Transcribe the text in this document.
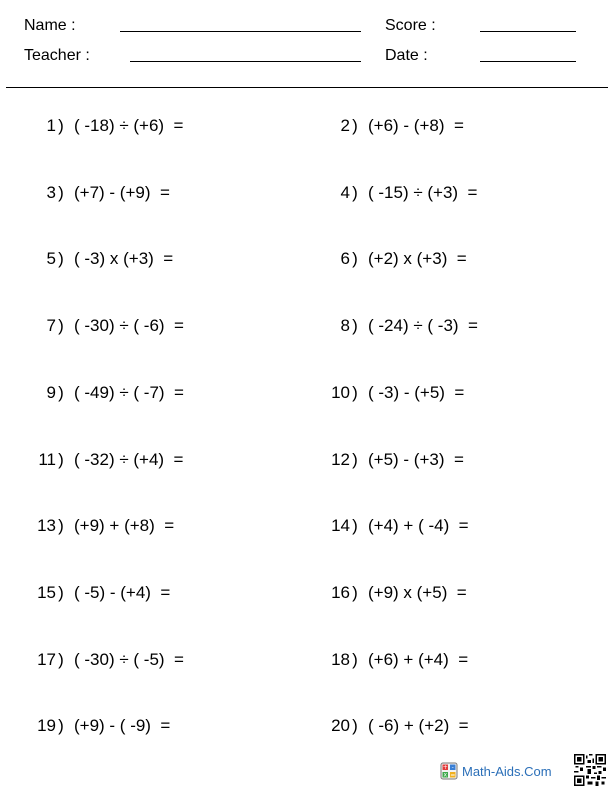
Name :	Score :
Teacher :	Date :
1 ) ( -18) ÷ (+6)  =	2 ) (+6) - (+8)  =
3 ) (+7) - (+9)  =	4 ) ( -15) ÷ (+3)  =
5 ) ( -3) x (+3)  =	6 ) (+2) x (+3)  =
7 ) ( -30) ÷ ( -6)  =	8 ) ( -24) ÷ ( -3)  =
9 ) ( -49) ÷ ( -7)  =	10 ) ( -3) - (+5)  =
11 ) ( -32) ÷ (+4)  =	12 ) (+5) - (+3)  =
13 ) (+9) + (+8)  =	14 ) (+4) + ( -4)  =
15 ) ( -5) - (+4)  =	16 ) (+9) x (+5)  =
17 ) ( -30) ÷ ( -5)  =	18 ) (+6) + (+4)  =
19 ) (+9) - ( -9)  =	20 ) ( -6) + (+2)  =
+ -
x = Math-Aids.Com
